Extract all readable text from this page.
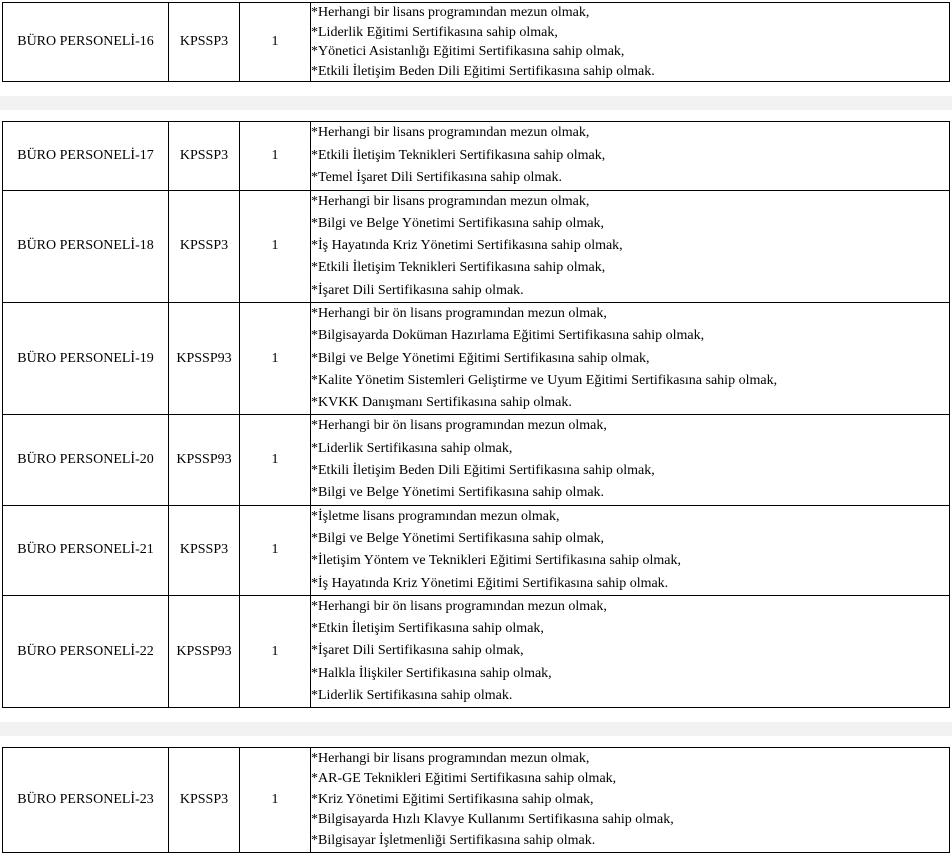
BÜRO PERSONELİ-16	KPSSP3	1	
*Herhangi bir lisans programından mezun olmak,
*Liderlik Eğitimi Sertifikasına sahip olmak,
*Yönetici Asistanlığı Eğitimi Sertifikasına sahip olmak,
*Etkili İletişim Beden Dili Eğitimi Sertifikasına sahip olmak.
BÜRO PERSONELİ-17	KPSSP3	1	*Herhangi bir lisans programından mezun olmak,
*Etkili İletişim Teknikleri Sertifikasına sahip olmak,
*Temel İşaret Dili Sertifikasına sahip olmak.

BÜRO PERSONELİ-18	KPSSP3	1	*Herhangi bir lisans programından mezun olmak,
*Bilgi ve Belge Yönetimi Sertifikasına sahip olmak,
*İş Hayatında Kriz Yönetimi Sertifikasına sahip olmak,
*Etkili İletişim Teknikleri Sertifikasına sahip olmak,
*İşaret Dili Sertifikasına sahip olmak.

BÜRO PERSONELİ-19	KPSSP93	1	*Herhangi bir ön lisans programından mezun olmak,
*Bilgisayarda Doküman Hazırlama Eğitimi Sertifikasına sahip olmak,
*Bilgi ve Belge Yönetimi Eğitimi Sertifikasına sahip olmak,
*Kalite Yönetim Sistemleri Geliştirme ve Uyum Eğitimi Sertifikasına sahip olmak,
*KVKK Danışmanı Sertifikasına sahip olmak.

BÜRO PERSONELİ-20	KPSSP93	1	*Herhangi bir ön lisans programından mezun olmak,
*Liderlik Sertifikasına sahip olmak,
*Etkili İletişim Beden Dili Eğitimi Sertifikasına sahip olmak,
*Bilgi ve Belge Yönetimi Sertifikasına sahip olmak.

BÜRO PERSONELİ-21	KPSSP3	1	*İşletme lisans programından mezun olmak,
*Bilgi ve Belge Yönetimi Sertifikasına sahip olmak,
*İletişim Yöntem ve Teknikleri Eğitimi Sertifikasına sahip olmak,
*İş Hayatında Kriz Yönetimi Eğitimi Sertifikasına sahip olmak.

BÜRO PERSONELİ-22	KPSSP93	1	*Herhangi bir ön lisans programından mezun olmak,
*Etkin İletişim Sertifikasına sahip olmak,
*İşaret Dili Sertifikasına sahip olmak,
*Halkla İlişkiler Sertifikasına sahip olmak,
*Liderlik Sertifikasına sahip olmak.
BÜRO PERSONELİ-23	KPSSP3	1	
*Herhangi bir lisans programından mezun olmak,
*AR-GE Teknikleri Eğitimi Sertifikasına sahip olmak,
*Kriz Yönetimi Eğitimi Sertifikasına sahip olmak,
*Bilgisayarda Hızlı Klavye Kullanımı Sertifikasına sahip olmak,
*Bilgisayar İşletmenliği Sertifikasına sahip olmak.
